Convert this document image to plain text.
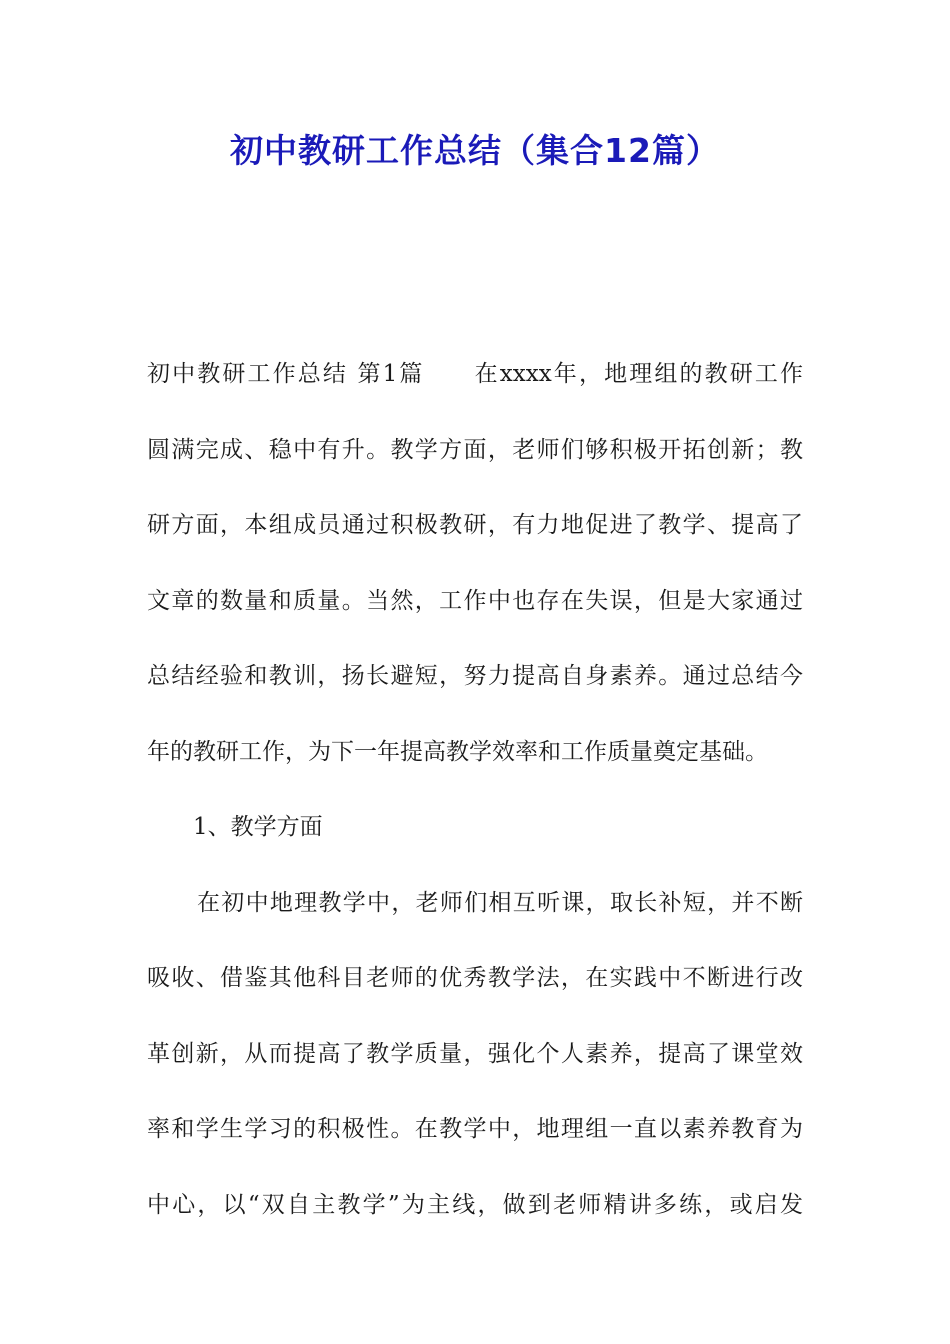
初中教研工作总结（集合12篇）
初中教研工作总结 第1篇 在xxxx年，地理组的教研工作
圆满完成、稳中有升。教学方面，老师们够积极开拓创新；教
研方面，本组成员通过积极教研，有力地促进了教学、提高了
文章的数量和质量。当然，工作中也存在失误，但是大家通过
总结经验和教训，扬长避短，努力提高自身素养。通过总结今
年的教研工作，为下一年提高教学效率和工作质量奠定基础。
1、教学方面
在初中地理教学中，老师们相互听课，取长补短，并不断
吸收、借鉴其他科目老师的优秀教学法，在实践中不断进行改
革创新，从而提高了教学质量，强化个人素养，提高了课堂效
率和学生学习的积极性。在教学中，地理组一直以素养教育为
中心，以“双自主教学”为主线，做到老师精讲多练，或启发
